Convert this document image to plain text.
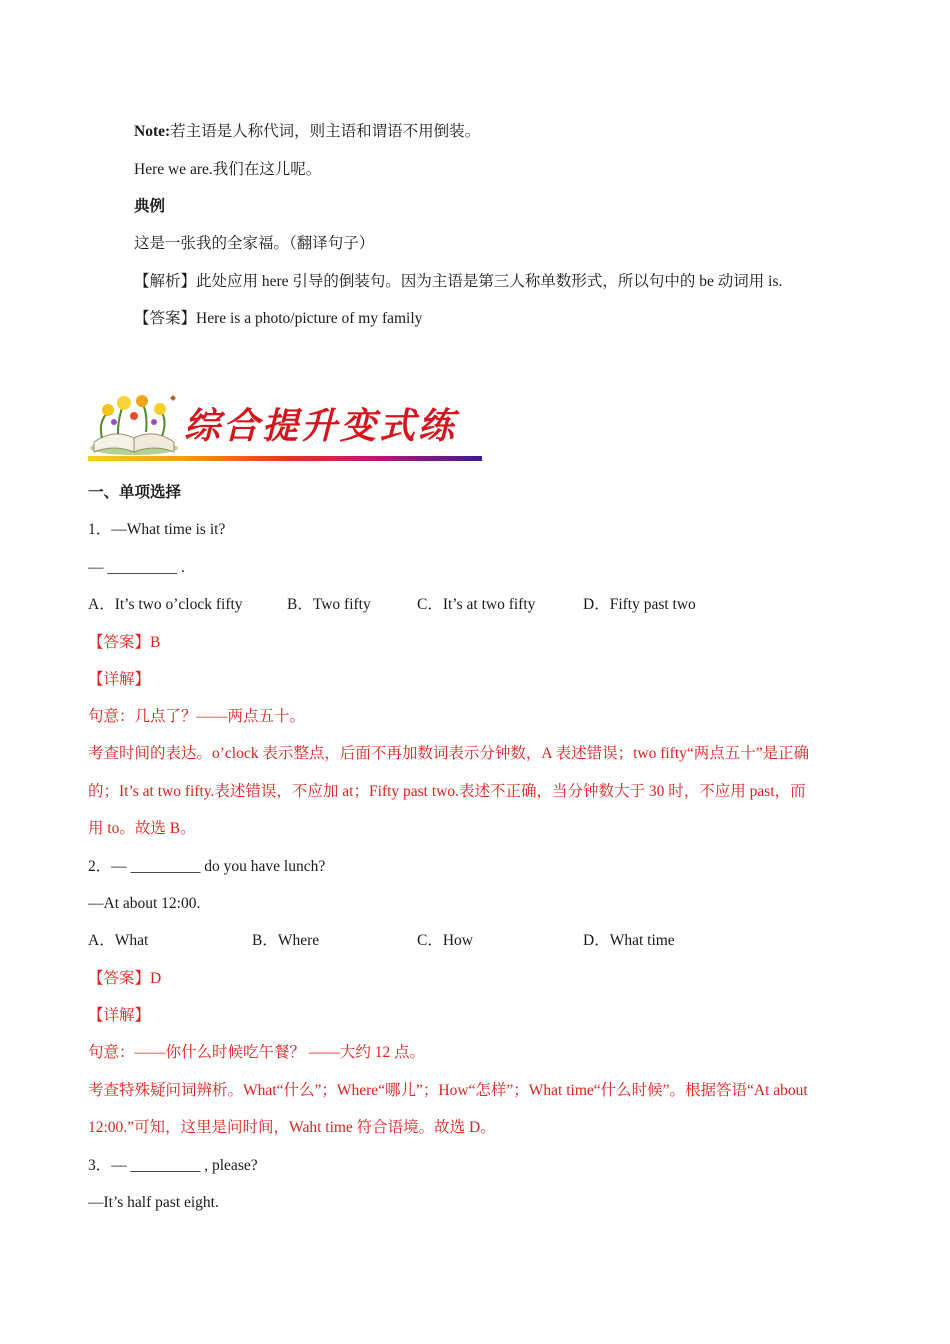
Note:若主语是人称代词，则主语和谓语不用倒装。
Here we are.我们在这儿呢。
典例
这是一张我的全家福。（翻译句子）
【解析】此处应用 here 引导的倒装句。因为主语是第三人称单数形式，所以句中的 be 动词用 is.
【答案】Here is a photo/picture of my family
综合提升变式练
一、单项选择
1．—What time is it?
— _________ .
A．It’s two o’clock fifty	B．Two fifty	C．It’s at two fifty	D．Fifty past two
【答案】B
【详解】
句意：几点了？——两点五十。
考查时间的表达。o’clock 表示整点，后面不再加数词表示分钟数，A 表述错误；two fifty“两点五十”是正确
的；It’s at two fifty.表述错误，不应加 at；Fifty past two.表述不正确，当分钟数大于 30 时，不应用 past，而
用 to。故选 B。
2．— _________ do you have lunch?
—At about 12:00.
A．What	B．Where	C．How	D．What time
【答案】D
【详解】
句意：——你什么时候吃午餐？ ——大约 12 点。
考查特殊疑问词辨析。What“什么”；Where“哪儿”；How“怎样”；What time“什么时候”。根据答语“At about
12:00.”可知，这里是问时间，Waht time 符合语境。故选 D。
3．— _________ , please?
—It’s half past eight.
